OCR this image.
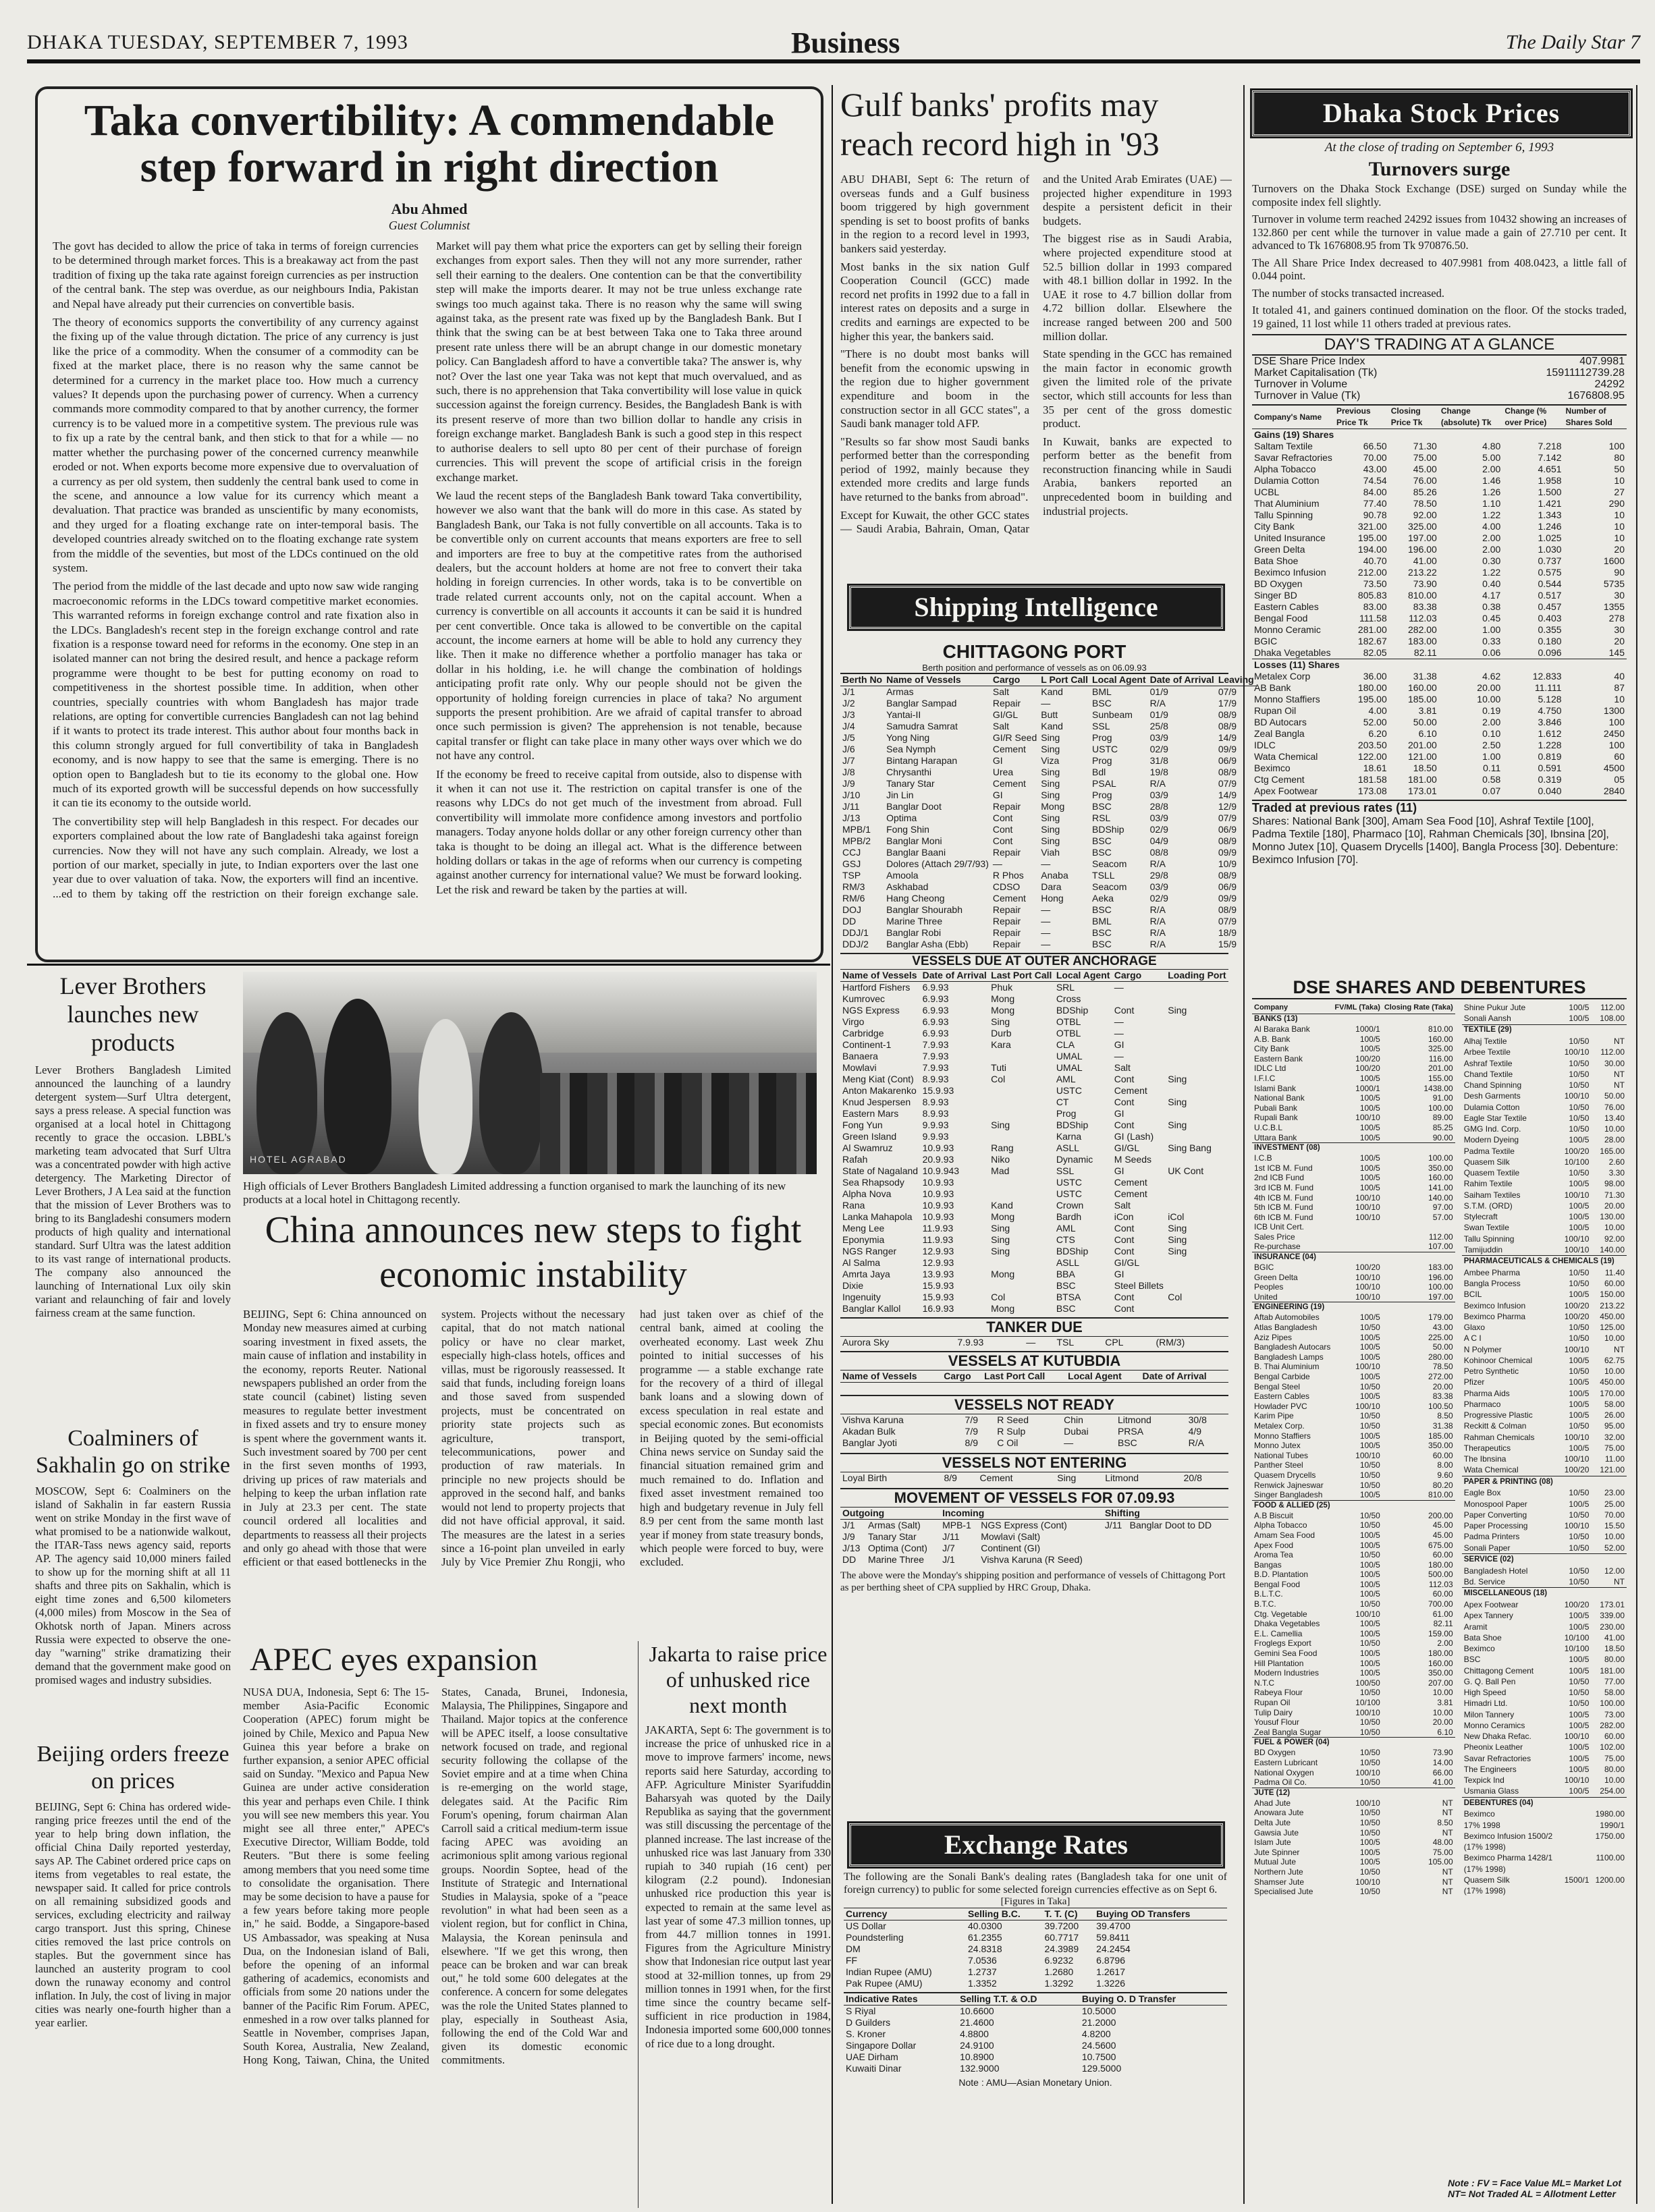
DHAKA TUESDAY, SEPTEMBER 7, 1993	Business	The Daily Star 7
Taka convertibility: A commendable step forward in right direction
Abu Ahmed
Guest Columnist

The govt has decided to allow the price of taka in terms of foreign currencies to be determined through market forces. This is a breakaway act from the past tradition of fixing up the taka rate against foreign currencies as per instruction of the central bank. The step was overdue, as our neighbours India, Pakistan and Nepal have already put their currencies on convertible basis.

The theory of economics supports the convertibility of any currency against the fixing up of the value through dictation. The price of any currency is just like the price of a commodity. When the consumer of a commodity can be fixed at the market place, there is no reason why the same cannot be determined for a currency in the market place too. How much a currency values? It depends upon the purchasing power of currency. When a currency commands more commodity compared to that by another currency, the former currency is to be valued more in a competitive system. The previous rule was to fix up a rate by the central bank, and then stick to that for a while — no matter whether the purchasing power of the concerned currency meanwhile eroded or not. When exports become more expensive due to overvaluation of a currency as per old system, then suddenly the central bank used to come in the scene, and announce a low value for its currency which meant a devaluation. That practice was branded as unscientific by many economists, and they urged for a floating exchange rate on inter-temporal basis. The developed countries already switched on to the floating exchange rate system from the middle of the seventies, but most of the LDCs continued on the old system.

The period from the middle of the last decade and upto now saw wide ranging macroeconomic reforms in the LDCs toward competitive market economies. This warranted reforms in foreign exchange control and rate fixation also in the LDCs. Bangladesh's recent step in the foreign exchange control and rate fixation is a response toward need for reforms in the economy. One step in an isolated manner can not bring the desired result, and hence a package reform programme were thought to be best for putting economy on road to competitiveness in the shortest possible time. In addition, when other countries, specially countries with whom Bangladesh has major trade relations, are opting for convertible currencies Bangladesh can not lag behind if it wants to protect its trade interest. This author about four months back in this column strongly argued for full convertibility of taka in Bangladesh economy, and is now happy to see that the same is emerging. There is no option open to Bangladesh but to tie its economy to the global one. How much of its exported growth will be successful depends on how successfully it can tie its economy to the outside world.

The convertibility step will help Bangladesh in this respect. For decades our exporters complained about the low rate of Bangladeshi taka against foreign currencies. Now they will not have any such complain. Already, we lost a portion of our market, specially in jute, to Indian exporters over the last one year due to over valuation of taka. Now, the exporters will find an incentive. ...ed to them by taking off the restriction on their foreign exchange sale. Market will pay them what price the exporters can get by selling their foreign exchanges from export sales. Then they will not any more surrender, rather sell their earning to the dealers. One contention can be that the convertibility step will make the imports dearer. It may not be true unless exchange rate swings too much against taka. There is no reason why the same will swing against taka, as the present rate was fixed up by the Bangladesh Bank. But I think that the swing can be at best between Taka one to Taka three around present rate unless there will be an abrupt change in our domestic monetary policy. Can Bangladesh afford to have a convertible taka? The answer is, why not? Over the last one year Taka was not kept that much overvalued, and as such, there is no apprehension that Taka convertibility will lose value in quick succession against the foreign currency. Besides, the Bangladesh Bank is with its present reserve of more than two billion dollar to handle any crisis in foreign exchange market. Bangladesh Bank is such a good step in this respect to authorise dealers to sell upto 80 per cent of their purchase of foreign currencies. This will prevent the scope of artificial crisis in the foreign exchange market.

We laud the recent steps of the Bangladesh Bank toward Taka convertibility, however we also want that the bank will do more in this case. As stated by Bangladesh Bank, our Taka is not fully convertible on all accounts. Taka is to be convertible only on current accounts that means exporters are free to sell and importers are free to buy at the competitive rates from the authorised dealers, but the account holders at home are not free to convert their taka holding in foreign currencies. In other words, taka is to be convertible on trade related current accounts only, not on the capital account. When a currency is convertible on all accounts it accounts it can be said it is hundred per cent convertible. Once taka is allowed to be convertible on the capital account, the income earners at home will be able to hold any currency they like. Then it make no difference whether a portfolio manager has taka or dollar in his holding, i.e. he will change the combination of holdings anticipating profit rate only. Why our people should not be given the opportunity of holding foreign currencies in place of taka? No argument supports the present prohibition. Are we afraid of capital transfer to abroad once such permission is given? The apprehension is not tenable, because capital transfer or flight can take place in many other ways over which we do not have any control.

If the economy be freed to receive capital from outside, also to dispense with it when it can not use it. The restriction on capital transfer is one of the reasons why LDCs do not get much of the investment from abroad. Full convertibility will immolate more confidence among investors and portfolio managers. Today anyone holds dollar or any other foreign currency other than taka is thought to be doing an illegal act. What is the difference between holding dollars or takas in the age of reforms when our currency is competing against another currency for international value? We must be forward looking. Let the risk and reward be taken by the parties at will.

Gulf banks' profits may reach record high in '93

ABU DHABI, Sept 6: The return of overseas funds and a Gulf business boom triggered by high government spending is set to boost profits of banks in the region to a record level in 1993, bankers said yesterday.

Most banks in the six nation Gulf Cooperation Council (GCC) made record net profits in 1992 due to a fall in interest rates on deposits and a surge in credits and earnings are expected to be higher this year, the bankers said.

"There is no doubt most banks will benefit from the economic upswing in the region due to higher government expenditure and boom in the construction sector in all GCC states", a Saudi bank manager told AFP.

"Results so far show most Saudi banks performed better than the corresponding period of 1992, mainly because they extended more credits and large funds have returned to the banks from abroad".

Except for Kuwait, the other GCC states — Saudi Arabia, Bahrain, Oman, Qatar and the United Arab Emirates (UAE) — projected higher expenditure in 1993 despite a persistent deficit in their budgets.

The biggest rise as in Saudi Arabia, where projected expenditure stood at 52.5 billion dollar in 1993 compared with 48.1 billion dollar in 1992. In the UAE it rose to 4.7 billion dollar from 4.72 billion dollar. Elsewhere the increase ranged between 200 and 500 million dollar.

State spending in the GCC has remained the main factor in economic growth given the limited role of the private sector, which still accounts for less than 35 per cent of the gross domestic product.

In Kuwait, banks are expected to perform better as the benefit from reconstruction financing while in Saudi Arabia, bankers reported an unprecedented boom in building and industrial projects.

Shipping Intelligence
CHITTAGONG PORT
Berth position and performance of vessels as on 06.09.93
Berth No	Name of Vessels	Cargo	L Port Call	Local Agent	Date of Arrival	Leaving
J/1	Armas	Salt	Kand	BML	01/9	07/9
J/2	Banglar Sampad	Repair	—	BSC	R/A	17/9
J/3	Yantai-II	GI/GL	Butt	Sunbeam	01/9	08/9
J/4	Samudra Samrat	Salt	Kand	SSL	25/8	08/9
J/5	Yong Ning	GI/R Seed	Sing	Prog	03/9	14/9
J/6	Sea Nymph	Cement	Sing	USTC	02/9	09/9
J/7	Bintang Harapan	GI	Viza	Prog	31/8	06/9
J/8	Chrysanthi	Urea	Sing	Bdl	19/8	08/9
J/9	Tanary Star	Cement	Sing	PSAL	R/A	07/9
J/10	Jin Lin	GI	Sing	Prog	03/9	14/9
J/11	Banglar Doot	Repair	Mong	BSC	28/8	12/9
J/13	Optima	Cont	Sing	RSL	03/9	07/9
MPB/1	Fong Shin	Cont	Sing	BDShip	02/9	06/9
MPB/2	Banglar Moni	Cont	Sing	BSC	04/9	08/9
CCJ	Banglar Baani	Repair	Viah	BSC	08/8	09/9
GSJ	Dolores (Attach 29/7/93)	—	—	Seacom	R/A	10/9
TSP	Amoola	R Phos	Anaba	TSLL	29/8	08/9
RM/3	Askhabad	CDSO	Dara	Seacom	03/9	06/9
RM/6	Hang Cheong	Cement	Hong	Aeka	02/9	09/9
DOJ	Banglar Shourabh	Repair	—	BSC	R/A	08/9
DD	Marine Three	Repair	—	BML	R/A	07/9
DDJ/1	Banglar Robi	Repair	—	BSC	R/A	18/9
DDJ/2	Banglar Asha (Ebb)	Repair	—	BSC	R/A	15/9
VESSELS DUE AT OUTER ANCHORAGE
Name of Vessels	Date of Arrival	Last Port Call	Local Agent	Cargo	Loading Port
Hartford Fishers	6.9.93	Phuk	SRL	—	
Kumrovec	6.9.93	Mong	Cross		
NGS Express	6.9.93	Mong	BDShip	Cont	Sing
Virgo	6.9.93	Sing	OTBL	—	
Carbridge	6.9.93	Durb	OTBL	—	
Continent-1	7.9.93	Kara	CLA	GI	
Banaera	7.9.93		UMAL	—	
Mowlavi	7.9.93	Tuti	UMAL	Salt	
Meng Kiat (Cont)	8.9.93	Col	AML	Cont	Sing
Anton Makarenko	15.9.93		USTC	Cement	
Knud Jespersen	8.9.93		CT	Cont	Sing
Eastern Mars	8.9.93		Prog	GI	
Fong Yun	9.9.93	Sing	BDShip	Cont	Sing
Green Island	9.9.93		Karna	GI (Lash)	
Al Swamruz	10.9.93	Rang	ASLL	GI/GL	Sing Bang
Rafah	20.9.93	Niko	Dynamic	M Seeds	
State of Nagaland	10.9.943	Mad	SSL	GI	UK Cont
Sea Rhapsody	10.9.93		USTC	Cement	
Alpha Nova	10.9.93		USTC	Cement	
Rana	10.9.93	Kand	Crown	Salt	
Lanka Mahapola	10.9.93	Mong	Bardh	iCon	iCol
Meng Lee	11.9.93	Sing	AML	Cont	Sing
Eponymia	11.9.93	Sing	CTS	Cont	Sing
NGS Ranger	12.9.93	Sing	BDShip	Cont	Sing
Al Salma	12.9.93		ASLL	GI/GL	
Amrta Jaya	13.9.93	Mong	BBA	GI	
Dixie	15.9.93		BSC	Steel Billets	
Ingenuity	15.9.93	Col	BTSA	Cont	Col
Banglar Kallol	16.9.93	Mong	BSC	Cont	
TANKER DUE
Aurora Sky	7.9.93	—	TSL	CPL	(RM/3)
VESSELS AT KUTUBDIA
Name of Vessels	Cargo	Last Port Call	Local Agent	Date of Arrival
VESSELS NOT READY
Vishva Karuna	7/9	R Seed	Chin	Litmond	30/8
Akadan Bulk	7/9	R Sulp	Dubai	PRSA	4/9
Banglar Jyoti	8/9	C Oil	—	BSC	R/A
VESSELS NOT ENTERING
Loyal Birth	8/9	Cement	Sing	Litmond	20/8
MOVEMENT OF VESSELS FOR 07.09.93
Outgoing		Incoming		Shifting	
J/1	Armas (Salt)	MPB-1	NGS Express (Cont)	J/11	Banglar Doot to DD
J/9	Tanary Star	J/11	Mowlavi (Salt)		
J/13	Optima (Cont)	J/7	Continent (GI)		
DD	Marine Three	J/1	Vishva Karuna (R Seed)		
The above were the Monday's shipping position and performance of vessels of Chittagong Port as per berthing sheet of CPA supplied by HRC Group, Dhaka.
Exchange Rates
The following are the Sonali Bank's dealing rates (Bangladesh taka for one unit of foreign currency) to public for some selected foreign currencies effective as on Sept 6.
[Figures in Taka]
Currency	Selling B.C.	T. T. (C)	Buying OD Transfers
US Dollar	40.0300	39.7200	39.4700
Poundsterling	61.2355	60.7717	59.8411
DM	24.8318	24.3989	24.2454
FF	7.0536	6.9232	6.8796
Indian Rupee (AMU)	1.2737	1.2680	1.2617
Pak Rupee (AMU)	1.3352	1.3292	1.3226
Indicative Rates	Selling T.T. & O.D	Buying O. D Transfer
S Riyal	10.6600	10.5000
D Guilders	21.4600	21.2000
S. Kroner	4.8800	4.8200
Singapore Dollar	24.9100	24.5600
UAE Dirham	10.8900	10.7500
Kuwaiti Dinar	132.9000	129.5000
Note : AMU—Asian Monetary Union.
Dhaka Stock Prices
At the close of trading on September 6, 1993
Turnovers surge

Turnovers on the Dhaka Stock Exchange (DSE) surged on Sunday while the composite index fell slightly.

Turnover in volume term reached 24292 issues from 10432 showing an increases of 132.860 per cent while the turnover in value made a gain of 27.710 per cent. It advanced to Tk 1676808.95 from Tk 970876.50.

The All Share Price Index decreased to 407.9981 from 408.0423, a little fall of 0.044 point.

The number of stocks transacted increased.

It totaled 41, and gainers continued domination on the floor. Of the stocks traded, 19 gained, 11 lost while 11 others traded at previous rates.

DAY'S TRADING AT A GLANCE
DSE Share Price Index	407.9981
Market Capitalisation (Tk)	15911112739.28
Turnover in Volume	24292
Turnover in Value (Tk)	1676808.95
Company's Name	Previous Price Tk	Closing Price Tk	Change (absolute) Tk	Change (% over Price)	Number of Shares Sold
Gains (19) Shares					
Saltam Textile	66.50	71.30	4.80	7.218	100
Savar Refractories	70.00	75.00	5.00	7.142	80
Alpha Tobacco	43.00	45.00	2.00	4.651	50
Dulamia Cotton	74.54	76.00	1.46	1.958	10
UCBL	84.00	85.26	1.26	1.500	27
That Aluminium	77.40	78.50	1.10	1.421	290
Tallu Spinning	90.78	92.00	1.22	1.343	10
City Bank	321.00	325.00	4.00	1.246	10
United Insurance	195.00	197.00	2.00	1.025	10
Green Delta	194.00	196.00	2.00	1.030	20
Bata Shoe	40.70	41.00	0.30	0.737	1600
Beximco Infusion	212.00	213.22	1.22	0.575	90
BD Oxygen	73.50	73.90	0.40	0.544	5735
Singer BD	805.83	810.00	4.17	0.517	30
Eastern Cables	83.00	83.38	0.38	0.457	1355
Bengal Food	111.58	112.03	0.45	0.403	278
Monno Ceramic	281.00	282.00	1.00	0.355	30
BGIC	182.67	183.00	0.33	0.180	20
Dhaka Vegetables	82.05	82.11	0.06	0.096	145
Losses (11) Shares					
Metalex Corp	36.00	31.38	4.62	12.833	40
AB Bank	180.00	160.00	20.00	11.111	87
Monno Staffiers	195.00	185.00	10.00	5.128	10
Rupan Oil	4.00	3.81	0.19	4.750	1300
BD Autocars	52.00	50.00	2.00	3.846	100
Zeal Bangla	6.20	6.10	0.10	1.612	2450
IDLC	203.50	201.00	2.50	1.228	100
Wata Chemical	122.00	121.00	1.00	0.819	60
Beximco	18.61	18.50	0.11	0.591	4500
Ctg Cement	181.58	181.00	0.58	0.319	05
Apex Footwear	173.08	173.01	0.07	0.040	2840
Traded at previous rates (11)
Shares: National Bank [300], Amam Sea Food [10], Ashraf Textile [100], Padma Textile [180], Pharmaco [10], Rahman Chemicals [30], Ibnsina [20], Monno Jutex [10], Quasem Drycells [1400], Bangla Process [30]. Debenture: Beximco Infusion [70].
DSE SHARES AND DEBENTURES
Company	FV/ML (Taka)	Closing Rate (Taka)
BANKS (13)		
Al Baraka Bank	1000/1	810.00
A.B. Bank	100/5	160.00
City Bank	100/5	325.00
Eastern Bank	100/20	116.00
IDLC Ltd	100/20	201.00
I.F.I.C	100/5	155.00
Islami Bank	1000/1	1438.00
National Bank	100/5	91.00
Pubali Bank	100/5	100.00
Rupali Bank	100/10	89.00
U.C.B.L	100/5	85.25
Uttara Bank	100/5	90.00
INVESTMENT (08)		
I.C.B	100/5	100.00
1st ICB M. Fund	100/5	350.00
2nd ICB Fund	100/5	160.00
3rd ICB M. Fund	100/5	141.00
4th ICB M. Fund	100/10	140.00
5th ICB M. Fund	100/10	97.00
6th ICB M. Fund	100/10	57.00
ICB Unit Cert.		
Sales Price		112.00
Re-purchase		107.00
INSURANCE (04)		
BGIC	100/20	183.00
Green Delta	100/10	196.00
Peoples	100/10	100.00
United	100/10	197.00
ENGINEERING (19)		
Aftab Automobiles	100/5	179.00
Atlas Bangladesh	10/50	43.00
Aziz Pipes	100/5	225.00
Bangladesh Autocars	100/5	50.00
Bangladesh Lamps	100/5	280.00
B. Thai Aluminium	100/10	78.50
Bengal Carbide	100/5	272.00
Bengal Steel	10/50	20.00
Eastern Cables	100/5	83.38
Howlader PVC	100/10	100.50
Karim Pipe	10/50	8.50
Metalex Corp.	10/50	31.38
Monno Staffiers	100/5	185.00
Monno Jutex	100/5	350.00
National Tubes	100/10	60.00
Panther Steel	10/50	8.00
Quasem Drycells	10/50	9.60
Renwick Jajneswar	10/50	80.20
Singer Bangladesh	100/5	810.00
FOOD & ALLIED (25)		
A.B Biscuit	10/50	200.00
Alpha Tobacco	10/50	45.00
Amam Sea Food	100/5	45.00
Apex Food	100/5	675.00
Aroma Tea	10/50	60.00
Bangas	100/5	180.00
B.D. Plantation	100/5	500.00
Bengal Food	100/5	112.03
B.L.T.C.	100/5	60.00
B.T.C.	10/50	700.00
Ctg. Vegetable	100/10	61.00
Dhaka Vegetables	100/5	82.11
E.L. Camellia	100/5	159.00
Froglegs Export	10/50	2.00
Gemini Sea Food	100/5	180.00
Hill Plantation	100/5	160.00
Modern Industries	100/5	350.00
N.T.C	100/50	207.00
Rabeya Flour	10/50	10.00
Rupan Oil	10/100	3.81
Tulip Dairy	100/10	10.00
Yousuf Flour	10/50	20.00
Zeal Bangla Sugar	10/50	6.10
FUEL & POWER (04)		
BD Oxygen	10/50	73.90
Eastern Lubricant	10/50	14.00
National Oxygen	100/10	66.00
Padma Oil Co.	10/50	41.00
JUTE (12)		
Ahad Jute	100/10	NT
Anowara Jute	10/50	NT
Delta Jute	10/50	8.50
Gawsia Jute	10/50	NT
Islam Jute	100/5	48.00
Jute Spinner	100/5	75.00
Mutual Jute	100/5	105.00
Northern Jute	10/50	NT
Shamser Jute	100/10	NT
Specialised Jute	10/50	NT
Shine Pukur Jute	100/5	112.00
Sonali Aansh	100/5	108.00
TEXTILE (29)		
Alhaj Textile	10/50	NT
Arbee Textile	100/10	112.00
Ashraf Textile	10/50	30.00
Chand Textile	10/50	NT
Chand Spinning	10/50	NT
Desh Garments	100/10	50.00
Dulamia Cotton	10/50	76.00
Eagle Star Textile	10/50	13.40
GMG Ind. Corp.	10/50	10.00
Modern Dyeing	100/5	28.00
Padma Textile	100/20	165.00
Quasem Silk	10/100	2.60
Quasem Textile	10/50	3.30
Rahim Textile	100/5	98.00
Saiham Textiles	100/10	71.30
S.T.M. (ORD)	100/5	20.00
Stylecraft	100/5	130.00
Swan Textile	100/5	10.00
Tallu Spinning	100/10	92.00
Tamijuddin	100/10	140.00
PHARMACEUTICALS & CHEMICALS (19)		
Ambee Pharma	10/50	11.40
Bangla Process	10/50	60.00
BCIL	100/5	150.00
Beximco Infusion	100/20	213.22
Beximco Pharma	100/20	450.00
Glaxo	10/50	125.00
A C I	10/50	10.00
N Polymer	100/10	NT
Kohinoor Chemical	100/5	62.75
Petro Synthetic	10/50	10.00
Pfizer	100/5	450.00
Pharma Aids	100/5	170.00
Pharmaco	100/5	58.00
Progressive Plastic	100/5	26.00
Reckitt & Colman	10/50	95.00
Rahman Chemicals	100/10	32.00
Therapeutics	100/5	75.00
The Ibnsina	100/10	11.00
Wata Chemical	100/20	121.00
PAPER & PRINTING (08)		
Eagle Box	10/50	23.00
Monospool Paper	100/5	25.00
Paper Converting	10/50	70.00
Paper Processing	100/10	15.50
Padma Printers	10/50	10.00
Sonali Paper	10/50	52.00
SERVICE (02)		
Bangladesh Hotel	10/50	12.00
Bd. Service	10/50	NT
MISCELLANEOUS (18)		
Apex Footwear	100/20	173.01
Apex Tannery	100/5	339.00
Aramit	100/5	230.00
Bata Shoe	10/100	41.00
Beximco	10/100	18.50
BSC	100/5	80.00
Chittagong Cement	100/5	181.00
G. Q. Ball Pen	10/50	77.00
High Speed	10/50	58.00
Himadri Ltd.	10/50	100.00
Milon Tannery	100/5	73.00
Monno Ceramics	100/5	282.00
New Dhaka Refac.	100/10	60.00
Pheonix Leather	100/5	102.00
Savar Refractories	100/5	75.00
The Engineers	100/5	80.00
Texpick Ind	100/10	10.00
Usmania Glass	100/5	254.00
DEBENTURES (04)		
Beximco		1980.00
17% 1998		1990/1
Beximco Infusion 1500/2		1750.00
(17% 1998)		
Beximco Pharma 1428/1		1100.00
(17% 1998)		
Quasem Silk	1500/1	1200.00
(17% 1998)		
Note : FV = Face Value ML= Market Lot NT= Not Traded AL = Allotment Letter
Lever Brothers launches new products
Lever Brothers Bangladesh Limited announced the launching of a laundry detergent system—Surf Ultra detergent, says a press release. A special function was organised at a local hotel in Chittagong recently to grace the occasion. LBBL's marketing team advocated that Surf Ultra was a concentrated powder with high active detergency. The Marketing Director of Lever Brothers, J A Lea said at the function that the mission of Lever Brothers was to bring to its Bangladeshi consumers modern products of high quality and international standard. Surf Ultra was the latest addition to its vast range of international products. The company also announced the launching of International Lux oily skin variant and relaunching of fair and lovely fairness cream at the same function.
HOTEL AGRABAD
High officials of Lever Brothers Bangladesh Limited addressing a function organised to mark the launching of its new products at a local hotel in Chittagong recently.
China announces new steps to fight economic instability
BEIJING, Sept 6: China announced on Monday new measures aimed at curbing soaring investment in fixed assets, the main cause of inflation and instability in the economy, reports Reuter. National newspapers published an order from the state council (cabinet) listing seven measures to regulate better investment in fixed assets and try to ensure money is spent where the government wants it. Such investment soared by 700 per cent in the first seven months of 1993, driving up prices of raw materials and helping to keep the urban inflation rate in July at 23.3 per cent. The state council ordered all localities and departments to reassess all their projects and only go ahead with those that were efficient or that eased bottlenecks in the system. Projects without the necessary capital, that do not match national policy or have no clear market, especially high-class hotels, offices and villas, must be rigorously reassessed. It said that funds, including foreign loans and those saved from suspended projects, must be concentrated on priority state projects such as agriculture, transport, telecommunications, power and production of raw materials. In principle no new projects should be approved in the second half, and banks would not lend to property projects that did not have official approval, it said. The measures are the latest in a series since a 16-point plan unveiled in early July by Vice Premier Zhu Rongji, who had just taken over as chief of the central bank, aimed at cooling the overheated economy. Last week Zhu pointed to initial successes of his programme — a stable exchange rate for the recovery of a third of illegal bank loans and a slowing down of excess speculation in real estate and special economic zones. But economists in Beijing quoted by the semi-official China news service on Sunday said the financial situation remained grim and much remained to do. Inflation and fixed asset investment remained too high and budgetary revenue in July fell 8.9 per cent from the same month last year if money from state treasury bonds, which people were forced to buy, were excluded.
Coalminers of Sakhalin go on strike
MOSCOW, Sept 6: Coalminers on the island of Sakhalin in far eastern Russia went on strike Monday in the first wave of what promised to be a nationwide walkout, the ITAR-Tass news agency said, reports AP. The agency said 10,000 miners failed to show up for the morning shift at all 11 shafts and three pits on Sakhalin, which is eight time zones and 6,500 kilometers (4,000 miles) from Moscow in the Sea of Okhotsk north of Japan. Miners across Russia were expected to observe the one-day "warning" strike dramatizing their demand that the government make good on promised wages and industry subsidies.
Beijing orders freeze on prices
BEIJING, Sept 6: China has ordered wide-ranging price freezes until the end of the year to help bring down inflation, the official China Daily reported yesterday, says AP. The Cabinet ordered price caps on items from vegetables to real estate, the newspaper said. It called for price controls on all remaining subsidized goods and services, excluding electricity and railway cargo transport. Just this spring, Chinese cities removed the last price controls on staples. But the government since has launched an austerity program to cool down the runaway economy and control inflation. In July, the cost of living in major cities was nearly one-fourth higher than a year earlier.
APEC eyes expansion
NUSA DUA, Indonesia, Sept 6: The 15-member Asia-Pacific Economic Cooperation (APEC) forum might be joined by Chile, Mexico and Papua New Guinea this year before a brake on further expansion, a senior APEC official said on Sunday. "Mexico and Papua New Guinea are under active consideration this year and perhaps even Chile. I think you will see new members this year. You might see all three enter," APEC's Executive Director, William Bodde, told Reuters. "But there is some feeling among members that you need some time to consolidate the organisation. There may be some decision to have a pause for a few years before taking more people in," he said. Bodde, a Singapore-based US Ambassador, was speaking at Nusa Dua, on the Indonesian island of Bali, before the opening of an informal gathering of academics, economists and officials from some 20 nations under the banner of the Pacific Rim Forum. APEC, enmeshed in a row over talks planned for Seattle in November, comprises Japan, South Korea, Australia, New Zealand, Hong Kong, Taiwan, China, the United States, Canada, Brunei, Indonesia, Malaysia, The Philippines, Singapore and Thailand. Major topics at the conference will be APEC itself, a loose consultative network focused on trade, and regional security following the collapse of the Soviet empire and at a time when China is re-emerging on the world stage, delegates said. At the Pacific Rim Forum's opening, forum chairman Alan Carroll said a critical medium-term issue facing APEC was avoiding an acrimonious split among various regional groups. Noordin Soptee, head of the Institute of Strategic and International Studies in Malaysia, spoke of a "peace revolution" in what had been seen as a violent region, but for conflict in China, Malaysia, the Korean peninsula and elsewhere. "If we get this wrong, then peace can be broken and war can break out," he told some 600 delegates at the conference. A concern for some delegates was the role the United States planned to play, especially in Southeast Asia, following the end of the Cold War and given its domestic economic commitments.
Jakarta to raise price of unhusked rice next month
JAKARTA, Sept 6: The government is to increase the price of unhusked rice in a move to improve farmers' income, news reports said here Saturday, according to AFP. Agriculture Minister Syarifuddin Baharsyah was quoted by the Daily Republika as saying that the government was still discussing the percentage of the planned increase. The last increase of the unhusked rice was last January from 330 rupiah to 340 rupiah (16 cent) per kilogram (2.2 pound). Indonesian unhusked rice production this year is expected to remain at the same level as last year of some 47.3 million tonnes, up from 44.7 million tonnes in 1991. Figures from the Agriculture Ministry show that Indonesian rice output last year stood at 32-million tonnes, up from 29 million tonnes in 1991 when, for the first time since the country became self-sufficient in rice production in 1984, Indonesia imported some 600,000 tonnes of rice due to a long drought.
